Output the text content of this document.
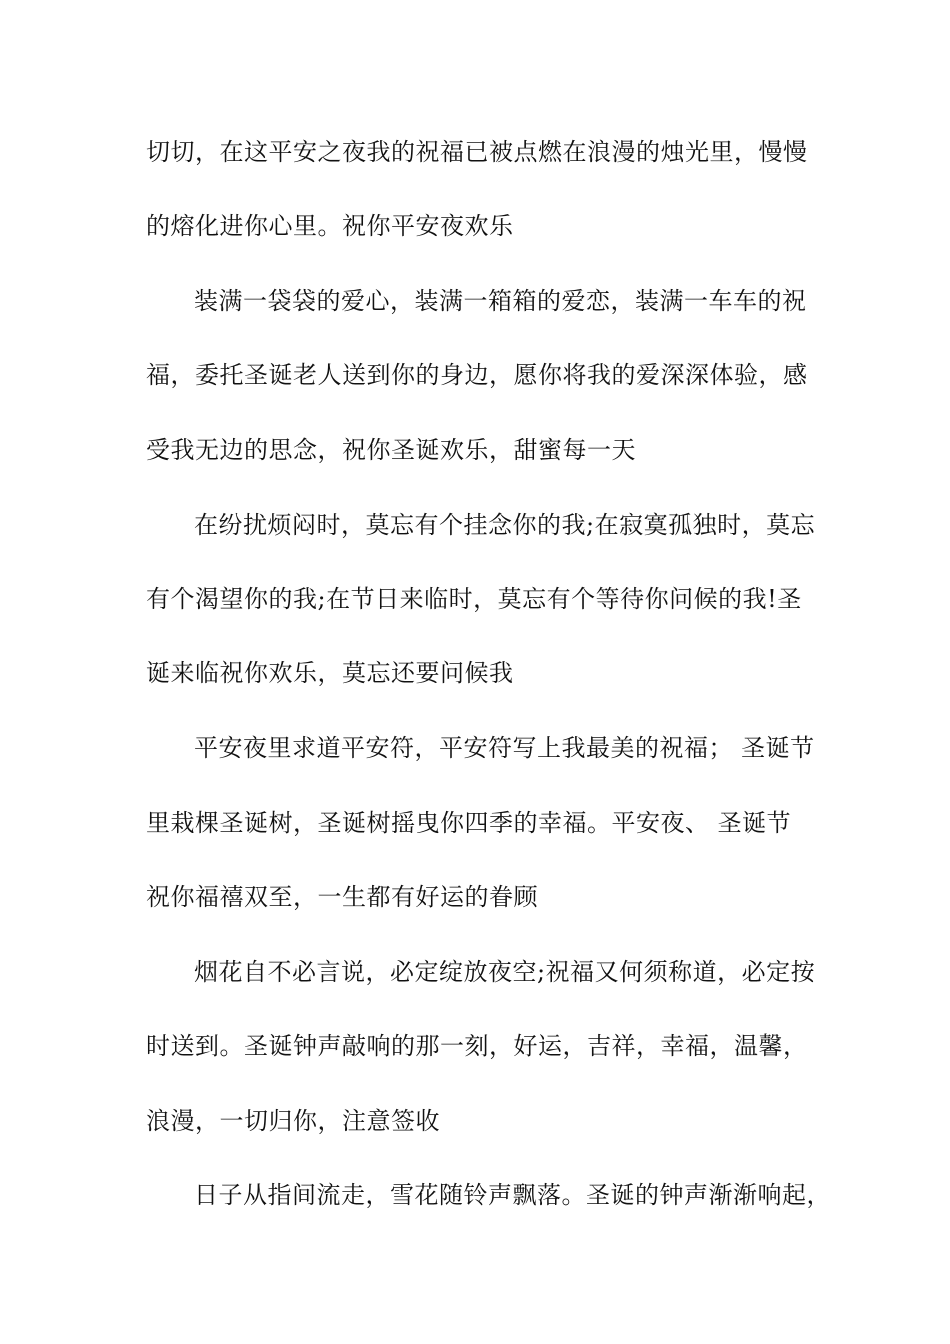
切切，在这平安之夜我的祝福已被点燃在浪漫的烛光里，慢慢
的熔化进你心里。祝你平安夜欢乐
装满一袋袋的爱心，装满一箱箱的爱恋，装满一车车的祝
福，委托圣诞老人送到你的身边，愿你将我的爱深深体验，感
受我无边的思念，祝你圣诞欢乐，甜蜜每一天
在纷扰烦闷时，莫忘有个挂念你的我;在寂寞孤独时，莫忘
有个渴望你的我;在节日来临时，莫忘有个等待你问候的我!圣
诞来临祝你欢乐，莫忘还要问候我
平安夜里求道平安符，平安符写上我最美的祝福； 圣诞节
里栽棵圣诞树，圣诞树摇曳你四季的幸福。平安夜、 圣诞节
祝你福禧双至，一生都有好运的眷顾
烟花自不必言说，必定绽放夜空;祝福又何须称道，必定按
时送到。圣诞钟声敲响的那一刻，好运，吉祥，幸福，温馨，
浪漫，一切归你，注意签收
日子从指间流走，雪花随铃声飘落。圣诞的钟声渐渐响起，
